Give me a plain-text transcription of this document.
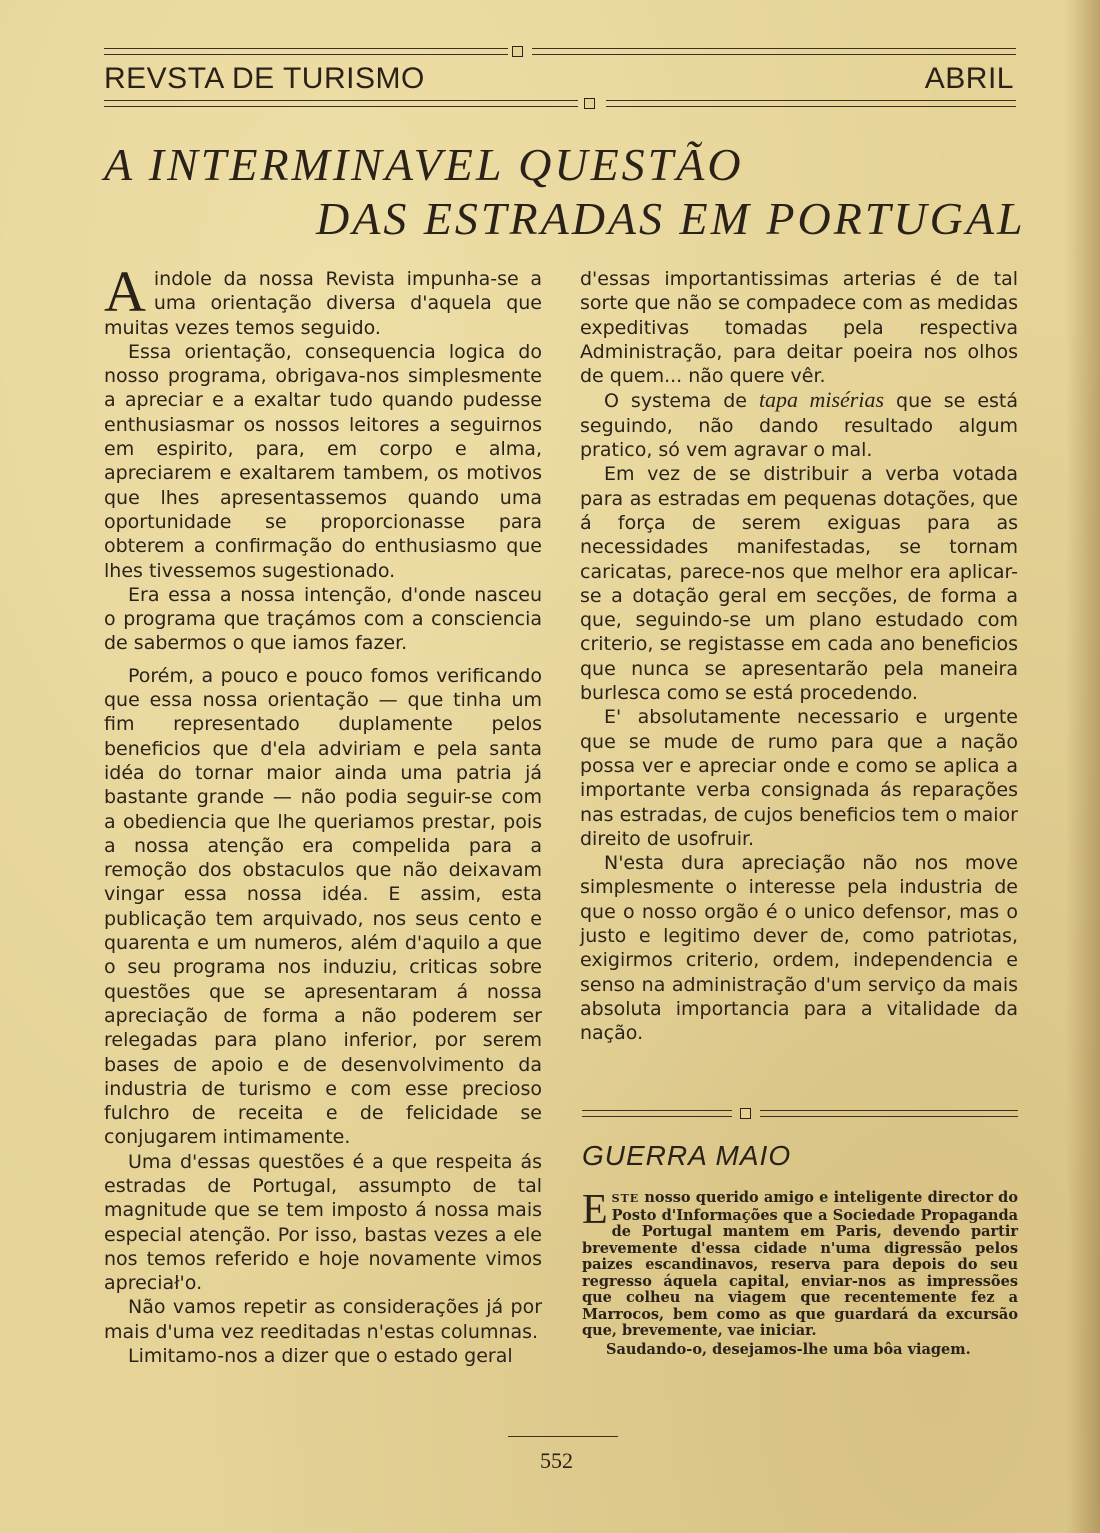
REVSTA DE TURISMO	ABRIL
A INTERMINAVEL QUESTÃO
DAS ESTRADAS EM PORTUGAL

Aindole da nossa Revista impunha-se a uma orientação diversa d'aquela que muitas vezes temos seguido.

Essa orientação, consequencia logica do nosso programa, obrigava-nos simplesmente a apreciar e a exaltar tudo quando pudesse enthusiasmar os nossos leitores a seguirnos em espirito, para, em corpo e alma, apreciarem e exaltarem tambem, os motivos que lhes apresentassemos quando uma oportunidade se proporcionasse para obterem a confirmação do enthusiasmo que lhes tivessemos sugestionado.

Era essa a nossa intenção, d'onde nasceu o programa que traçámos com a consciencia de sabermos o que iamos fazer.

Porém, a pouco e pouco fomos verificando que essa nossa orientação — que tinha um fim representado duplamente pelos beneficios que d'ela adviriam e pela santa idéa do tornar maior ainda uma patria já bastante grande — não podia seguir-se com a obediencia que lhe queriamos prestar, pois a nossa atenção era compelida para a remoção dos obstaculos que não deixavam vingar essa nossa idéa. E assim, esta publicação tem arquivado, nos seus cento e quarenta e um numeros, além d'aquilo a que o seu programa nos induziu, criticas sobre questões que se apresentaram á nossa apreciação de forma a não poderem ser relegadas para plano inferior, por serem bases de apoio e de desenvolvimento da industria de turismo e com esse precioso fulchro de receita e de felicidade se conjugarem intimamente.

Uma d'essas questões é a que respeita ás estradas de Portugal, assumpto de tal magnitude que se tem imposto á nossa mais especial atenção. Por isso, bastas vezes a ele nos temos referido e hoje novamente vimos apreciał'o.

Não vamos repetir as considerações já por mais d'uma vez reeditadas n'estas columnas.

Limitamo-nos a dizer que o estado geral

d'essas importantissimas arterias é de tal sorte que não se compadece com as medidas expeditivas tomadas pela respectiva Administração, para deitar poeira nos olhos de quem... não quere vêr.

O systema de tapa misérias que se está seguindo, não dando resultado algum pratico, só vem agravar o mal.

Em vez de se distribuir a verba votada para as estradas em pequenas dotações, que á força de serem exiguas para as necessidades manifestadas, se tornam caricatas, parece-nos que melhor era aplicar-se a dotação geral em secções, de forma a que, seguindo-se um plano estudado com criterio, se registasse em cada ano beneficios que nunca se apresentarão pela maneira burlesca como se está procedendo.

E' absolutamente necessario e urgente que se mude de rumo para que a nação possa ver e apreciar onde e como se aplica a importante verba consignada ás reparações nas estradas, de cujos beneficios tem o maior direito de usofruir.

N'esta dura apreciação não nos move simplesmente o interesse pela industria de que o nosso orgão é o unico defensor, mas o justo e legitimo dever de, como patriotas, exigirmos criterio, ordem, independencia e senso na administração d'um serviço da mais absoluta importancia para a vitalidade da nação.

GUERRA MAIO

ESTE nosso querido amigo e inteligente director do Posto d'Informações que a Sociedade Propaganda de Portugal mantem em Paris, devendo partir brevemente d'essa cidade n'uma digressão pelos paizes escandinavos, reserva para depois do seu regresso áquela capital, enviar-nos as impressões que colheu na viagem que recentemente fez a Marrocos, bem como as que guardará da excursão que, brevemente, vae iniciar.

Saudando-o, desejamos-lhe uma bôa viagem.

552
